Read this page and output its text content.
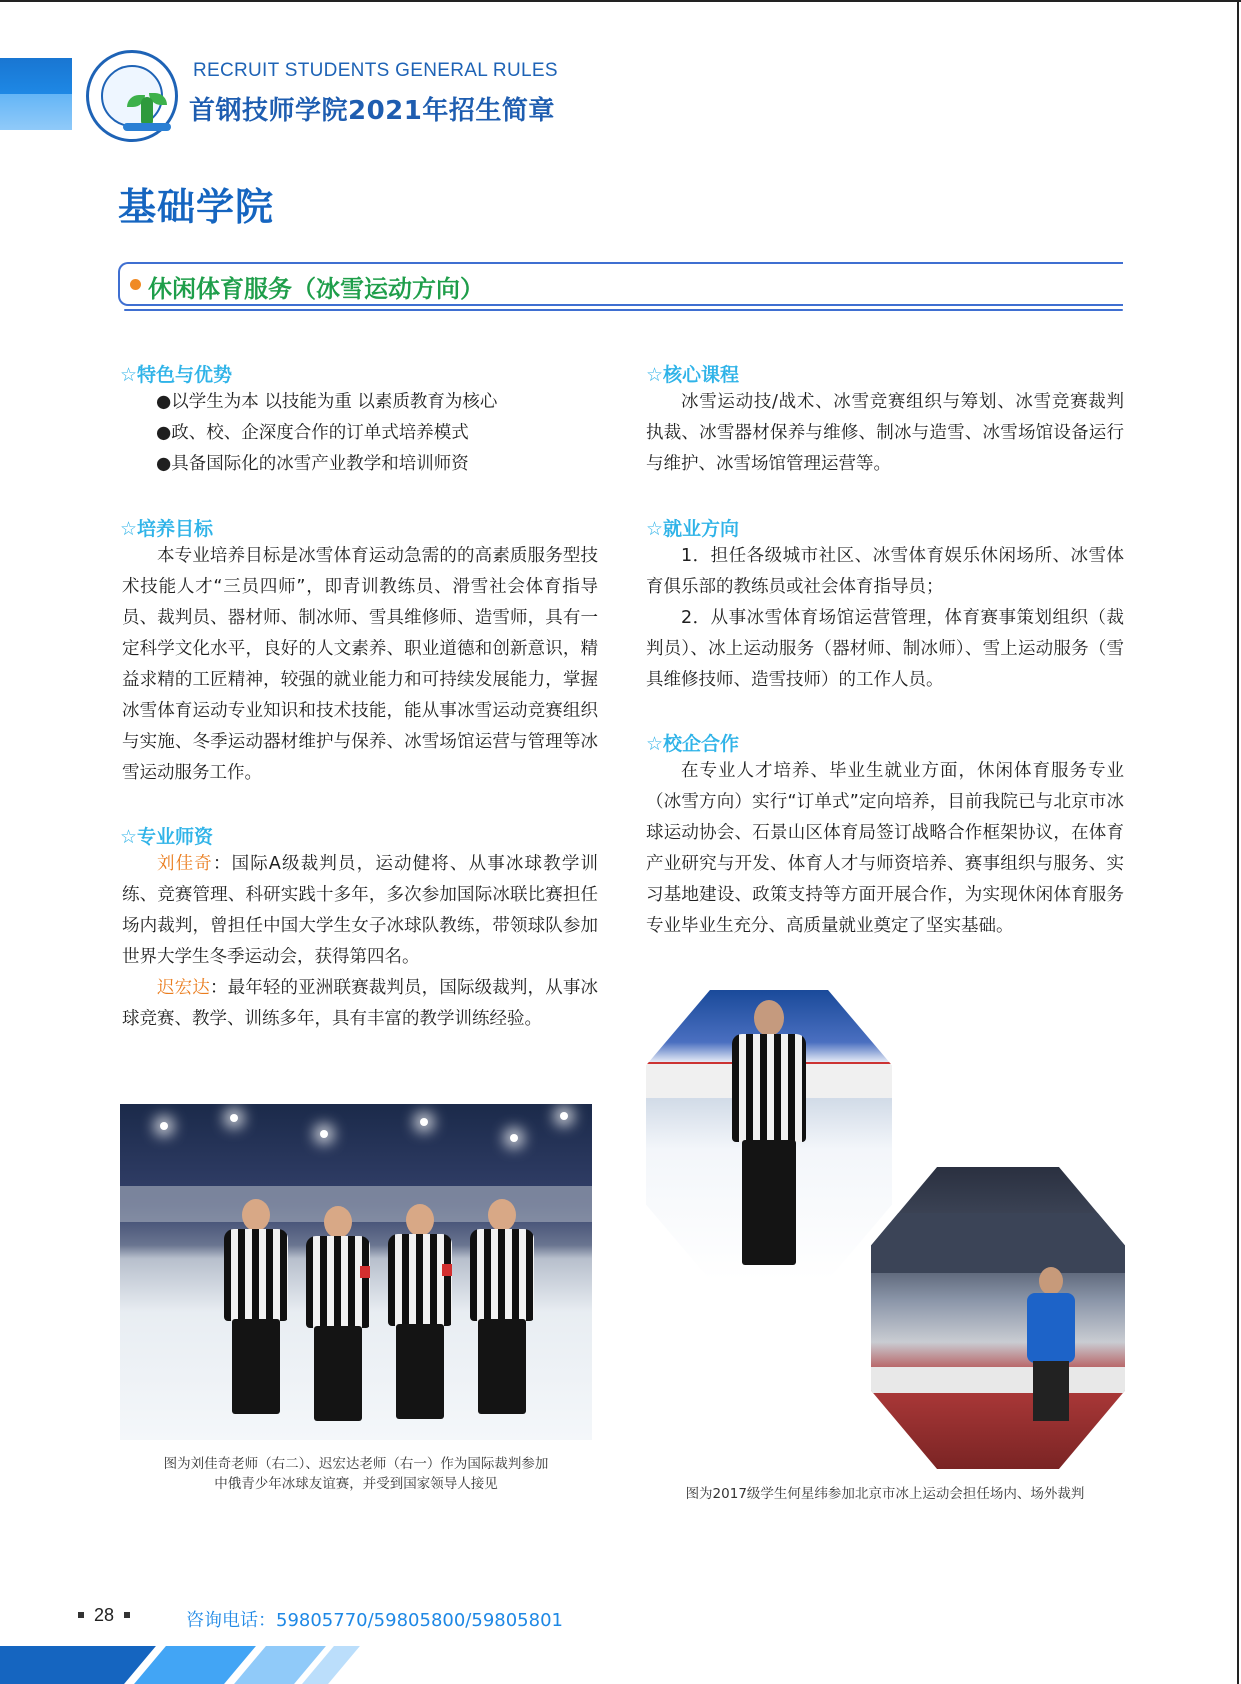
RECRUIT STUDENTS GENERAL RULES
首钢技师学院2021年招生简章
基础学院
休闲体育服务（冰雪运动方向）
☆特色与优势
●以学生为本 以技能为重 以素质教育为核心
●政、校、企深度合作的订单式培养模式
●具备国际化的冰雪产业教学和培训师资
☆培养目标
本专业培养目标是冰雪体育运动急需的的高素质服务型技术技能人才“三员四师”，即青训教练员、滑雪社会体育指导员、裁判员、器材师、制冰师、雪具维修师、造雪师，具有一定科学文化水平，良好的人文素养、职业道德和创新意识，精益求精的工匠精神，较强的就业能力和可持续发展能力，掌握冰雪体育运动专业知识和技术技能，能从事冰雪运动竞赛组织与实施、冬季运动器材维护与保养、冰雪场馆运营与管理等冰雪运动服务工作。
☆专业师资

刘佳奇：国际A级裁判员，运动健将、从事冰球教学训练、竞赛管理、科研实践十多年，多次参加国际冰联比赛担任场内裁判，曾担任中国大学生女子冰球队教练，带领球队参加世界大学生冬季运动会，获得第四名。

迟宏达：最年轻的亚洲联赛裁判员，国际级裁判，从事冰球竞赛、教学、训练多年，具有丰富的教学训练经验。

图为刘佳奇老师（右二）、迟宏达老师（右一）作为国际裁判参加
中俄青少年冰球友谊赛，并受到国家领导人接见
☆核心课程
冰雪运动技/战术、冰雪竞赛组织与筹划、冰雪竞赛裁判执裁、冰雪器材保养与维修、制冰与造雪、冰雪场馆设备运行与维护、冰雪场馆管理运营等。
☆就业方向

1．担任各级城市社区、冰雪体育娱乐休闲场所、冰雪体育俱乐部的教练员或社会体育指导员；

2．从事冰雪体育场馆运营管理，体育赛事策划组织（裁判员）、冰上运动服务（器材师、制冰师）、雪上运动服务（雪具维修技师、造雪技师）的工作人员。

☆校企合作
在专业人才培养、毕业生就业方面，休闲体育服务专业（冰雪方向）实行“订单式”定向培养，目前我院已与北京市冰球运动协会、石景山区体育局签订战略合作框架协议，在体育产业研究与开发、体育人才与师资培养、赛事组织与服务、实习基地建设、政策支持等方面开展合作，为实现休闲体育服务专业毕业生充分、高质量就业奠定了坚实基础。
图为2017级学生何星纬参加北京市冰上运动会担任场内、场外裁判
28	咨询电话：59805770/59805800/59805801
